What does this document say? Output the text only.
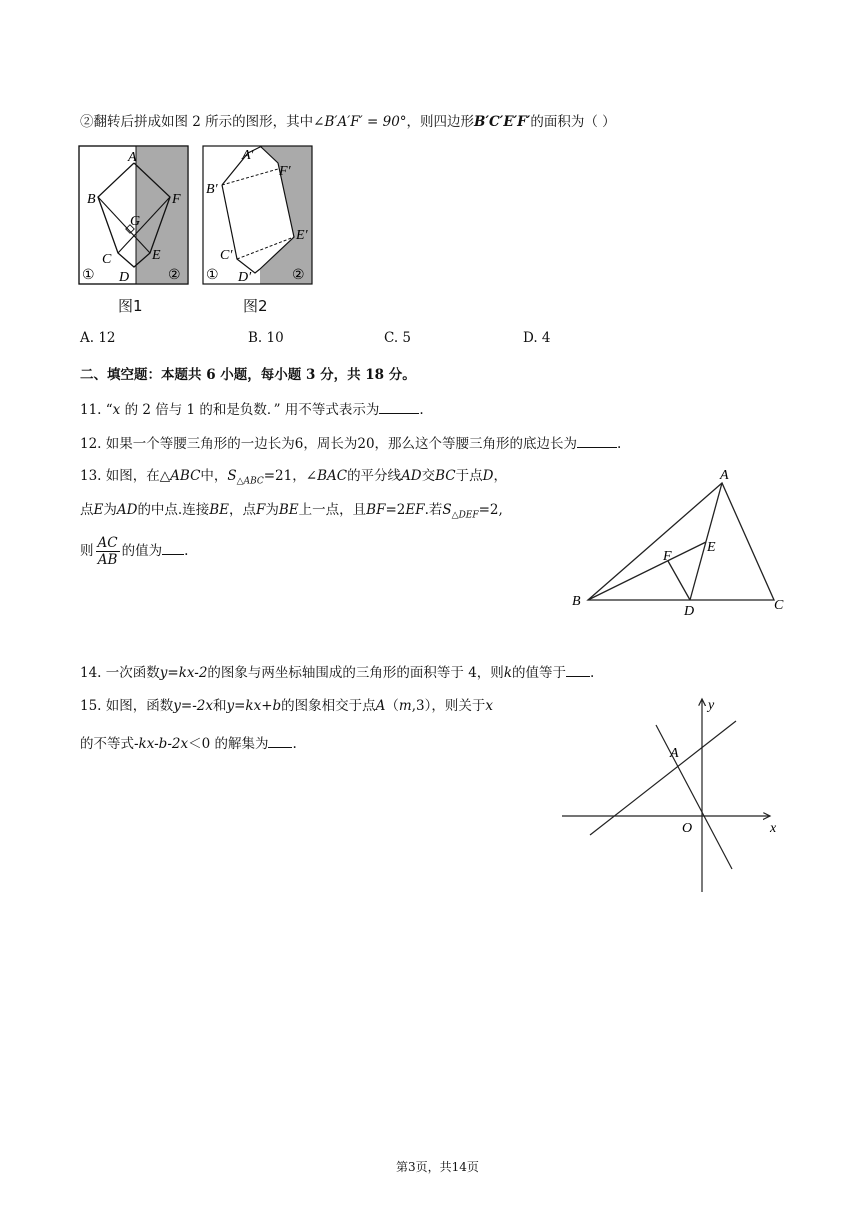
②翻转后拼成如图 2 所示的图形，其中∠B′A′F′ = 90°，则四边形B′C′E′F′的面积为（ ）
A
B	F
G
C	E
D
①	②
图1
A′
F′
B′
E′
C′
D′
①	②
图2
A. 12	B. 10	C. 5	D. 4
二、填空题：本题共 6 小题，每小题 3 分，共 18 分。
11. “x 的 2 倍与 1 的和是负数．” 用不等式表示为	.
12. 如果一个等腰三角形的一边长为6，周长为20，那么这个等腰三角形的底边长为	.
13. 如图，在△ABC中，$S_{\triangle ABC}=21$，∠BAC的平分线AD交BC于点D，
点E为AD的中点.连接BE，点F为BE上一点，且BF=2EF.若$S_{\triangle DEF}=2$,
则 $\frac{AC}{AB}$ 的值为 .
A
B	C
D
E
F
14. 一次函数y=kx-2的图象与两坐标轴围成的三角形的面积等于 4，则k的值等于 .
15. 如图，函数y=-2x和y=kx+b的图象相交于点A（m,3），则关于x
的不等式-kx-b-2x＜0 的解集为 .
y
x
O
A
第3页，共14页
